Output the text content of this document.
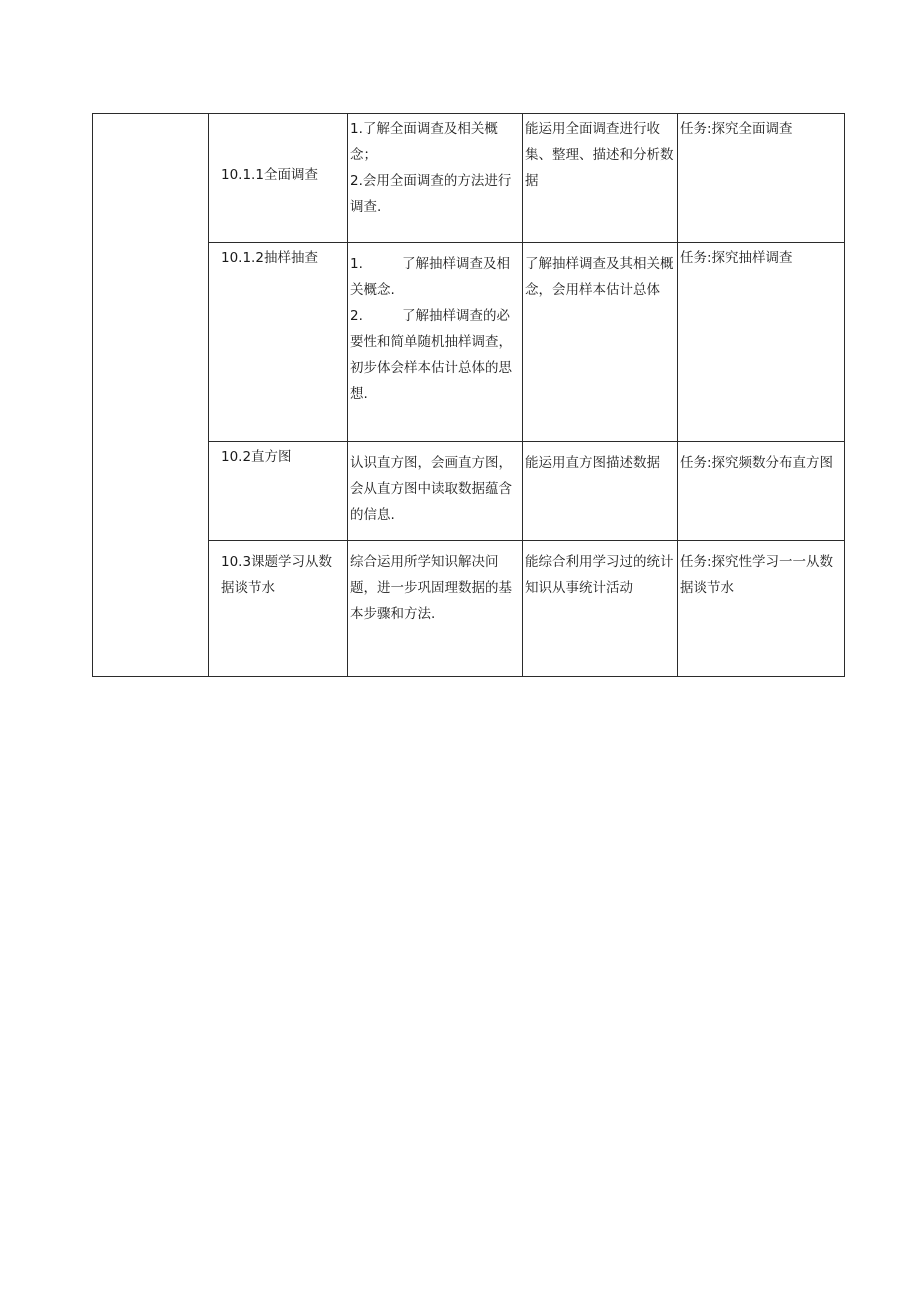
	10.1.1全面调查	1.了解全面调查及相关概念；
2.会用全面调查的方法进行调查.	能运用全面调查进行收集、整理、描述和分析数据	任务:探究全面调查
	10.1.2抽样抽查	1. 了解抽样调查及相关概念.
2. 了解抽样调查的必要性和简单随机抽样调查，初步体会样本估计总体的思想.	了解抽样调查及其相关概念，会用样本估计总体	任务:探究抽样调查
	10.2直方图	认识直方图，会画直方图，会从直方图中读取数据蕴含的信息.	能运用直方图描述数据	任务:探究频数分布直方图
	10.3课题学习从数据谈节水	综合运用所学知识解决问题，进一步巩固理数据的基本步骤和方法.	能综合利用学习过的统计知识从事统计活动	任务:探究性学习一一从数据谈节水
